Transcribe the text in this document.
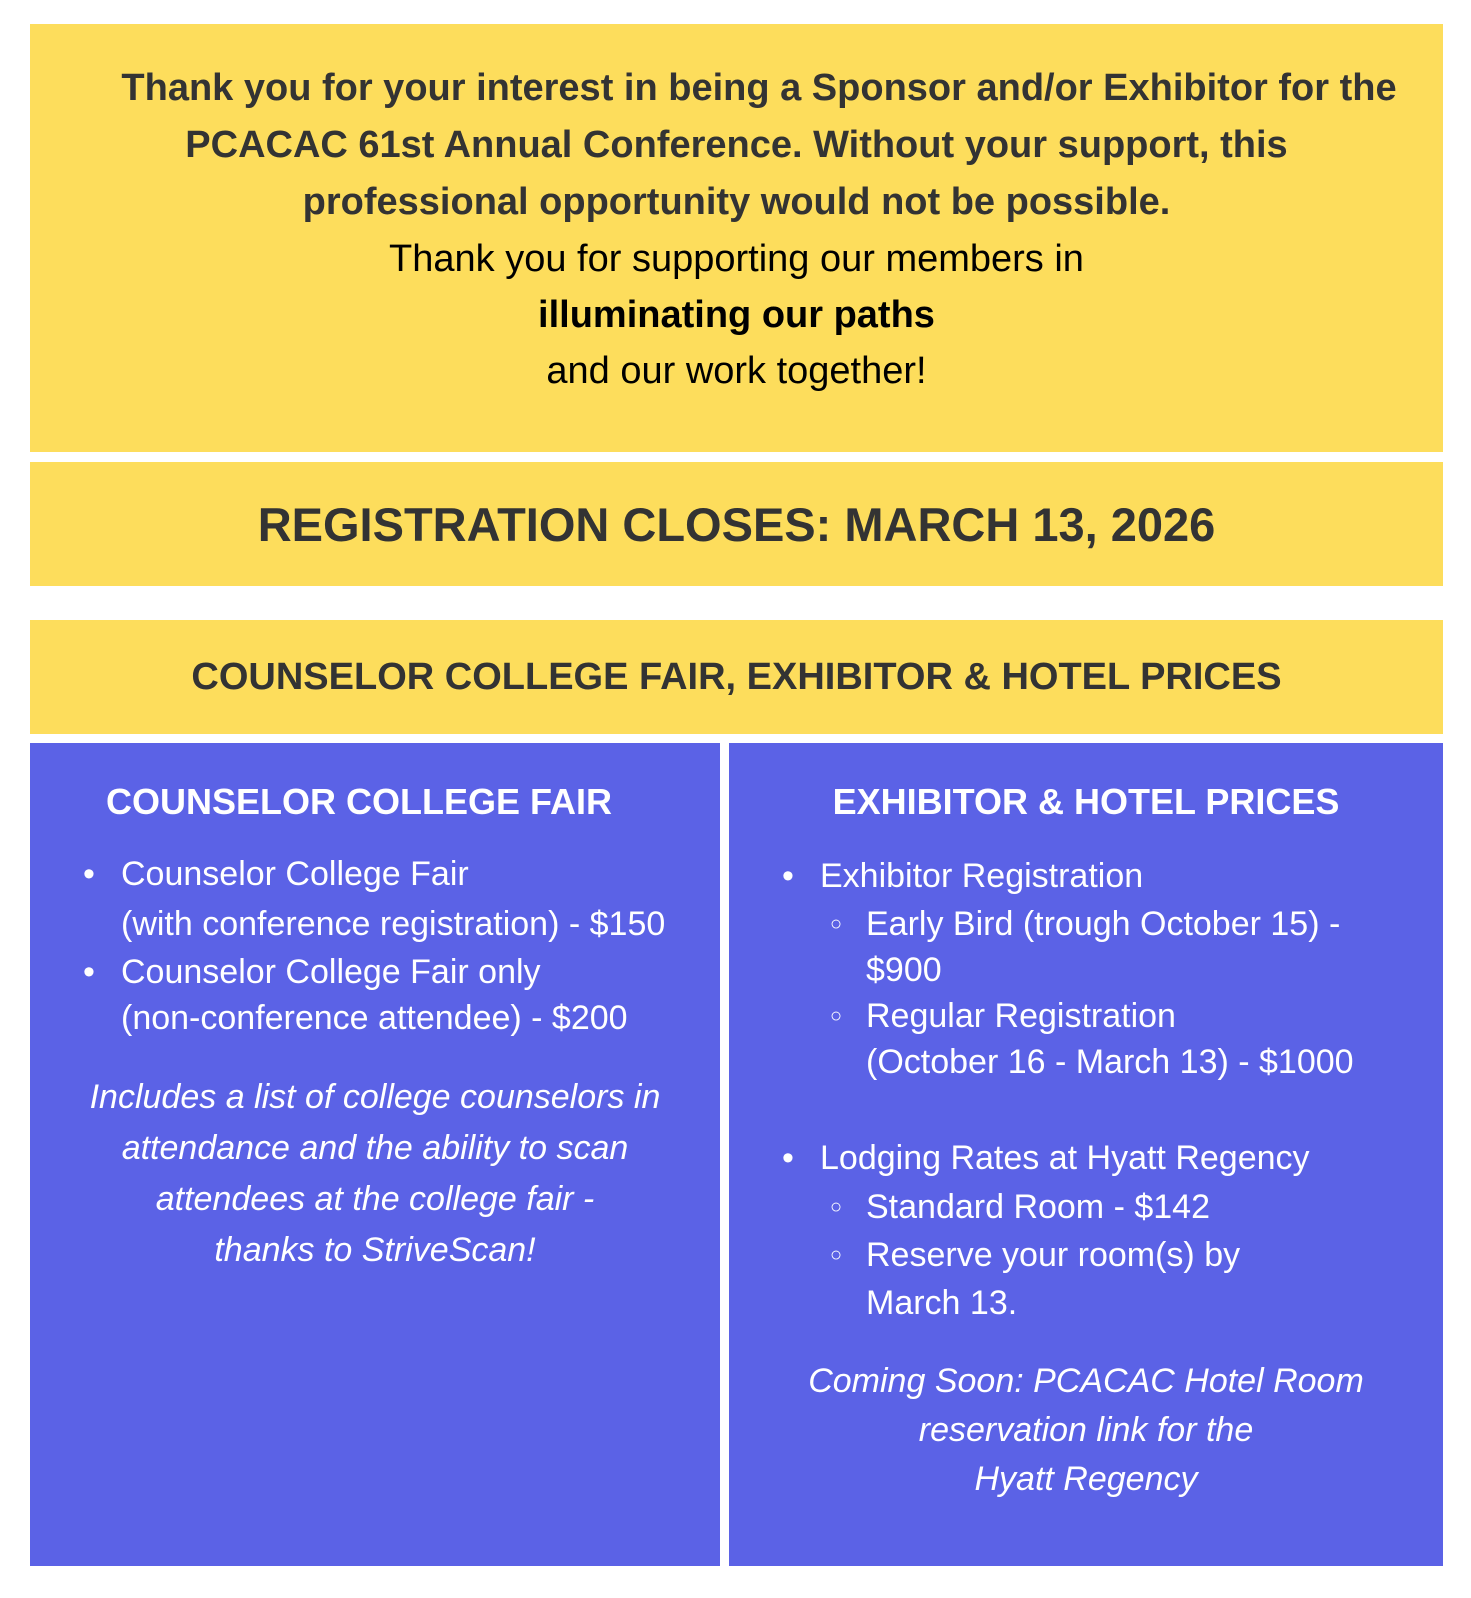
Thank you for your interest in being a Sponsor and/or Exhibitor for the
PCACAC 61st Annual Conference. Without your support, this
professional opportunity would not be possible.
Thank you for supporting our members in
illuminating our paths
and our work together!
REGISTRATION CLOSES: MARCH 13, 2026
COUNSELOR COLLEGE FAIR, EXHIBITOR & HOTEL PRICES
COUNSELOR COLLEGE FAIR
• Counselor College Fair
(with conference registration) - $150
• Counselor College Fair only
(non-conference attendee) - $200
Includes a list of college counselors in
attendance and the ability to scan
attendees at the college fair -
thanks to StriveScan!
EXHIBITOR & HOTEL PRICES
• Exhibitor Registration
○ Early Bird (trough October 15) -
$900
○ Regular Registration
(October 16 - March 13) - $1000
• Lodging Rates at Hyatt Regency
○ Standard Room - $142
○ Reserve your room(s) by
March 13.
Coming Soon: PCACAC Hotel Room
reservation link for the
Hyatt Regency
